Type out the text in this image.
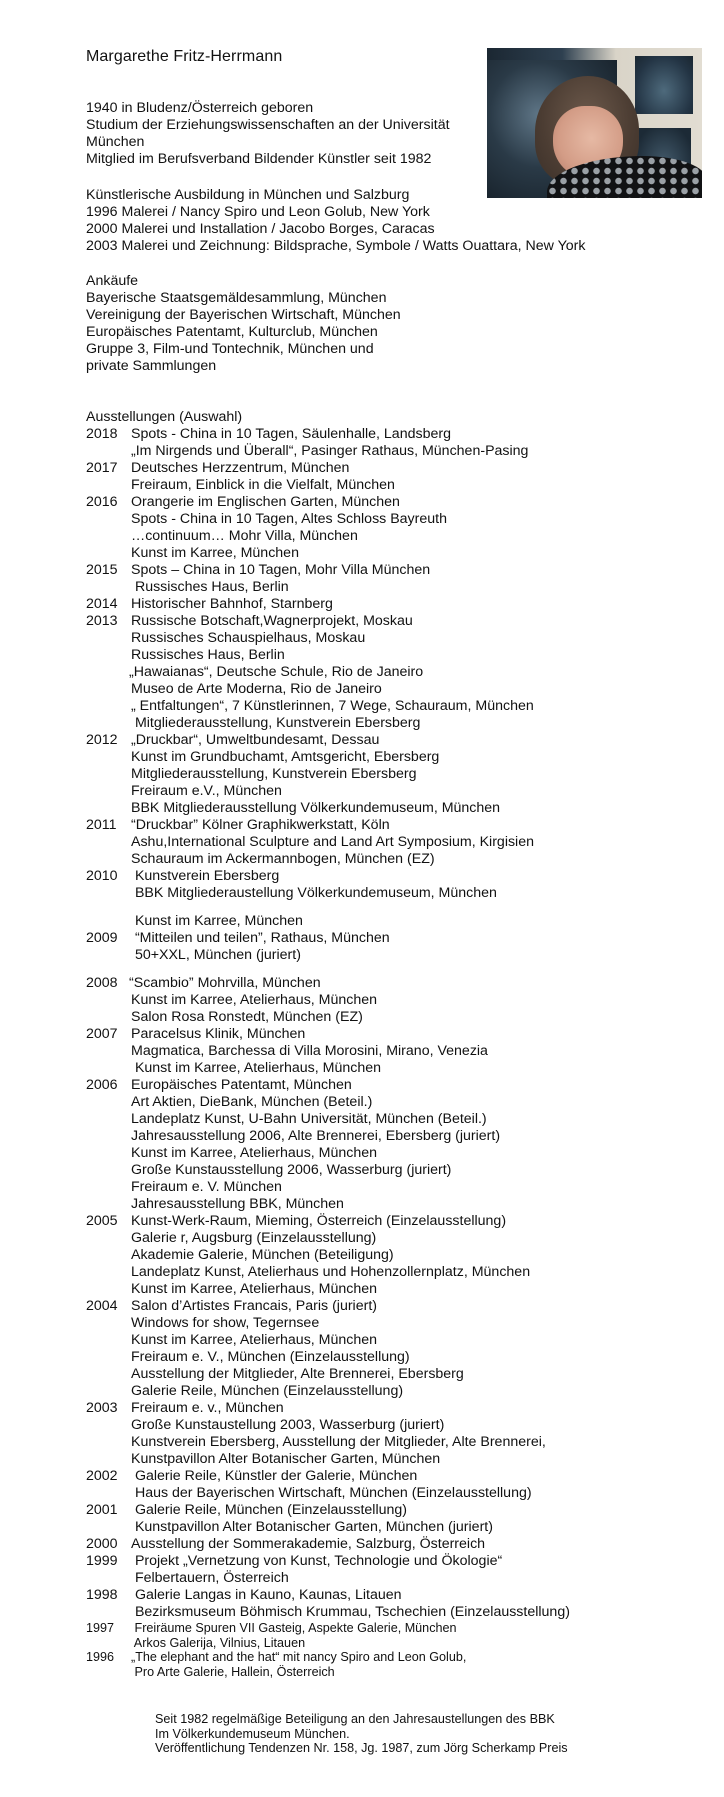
Margarethe Fritz-Herrmann
1940 in Bludenz/Österreich geboren
Studium der Erziehungswissenschaften an der Universität
München
Mitglied im Berufsverband Bildender Künstler seit 1982
Künstlerische Ausbildung in München und Salzburg
1996 Malerei / Nancy Spiro und Leon Golub, New York
2000 Malerei und Installation / Jacobo Borges, Caracas
2003 Malerei und Zeichnung: Bildsprache, Symbole / Watts Ouattara, New York
Ankäufe
Bayerische Staatsgemäldesammlung, München
Vereinigung der Bayerischen Wirtschaft, München
Europäisches Patentamt, Kulturclub, München
Gruppe 3, Film-und Tontechnik, München und
private Sammlungen
Ausstellungen (Auswahl)
2018 Spots - China in 10 Tagen, Säulenhalle, Landsberg
„Im Nirgends und Überall“, Pasinger Rathaus, München-Pasing
2017 Deutsches Herzzentrum, München
Freiraum, Einblick in die Vielfalt, München
2016 Orangerie im Englischen Garten, München
Spots - China in 10 Tagen, Altes Schloss Bayreuth
…continuum… Mohr Villa, München
Kunst im Karree, München
2015 Spots – China in 10 Tagen, Mohr Villa München
Russisches Haus, Berlin
2014 Historischer Bahnhof, Starnberg
2013 Russische Botschaft,Wagnerprojekt, Moskau
Russisches Schauspielhaus, Moskau
Russisches Haus, Berlin
„Hawaianas“, Deutsche Schule, Rio de Janeiro
Museo de Arte Moderna, Rio de Janeiro
„ Entfaltungen“, 7 Künstlerinnen, 7 Wege, Schauraum, München
Mitgliederausstellung, Kunstverein Ebersberg
2012 „Druckbar“, Umweltbundesamt, Dessau
Kunst im Grundbuchamt, Amtsgericht, Ebersberg
Mitgliederausstellung, Kunstverein Ebersberg
Freiraum e.V., München
BBK Mitgliederausstellung Völkerkundemuseum, München
2011 “Druckbar” Kölner Graphikwerkstatt, Köln
Ashu,International Sculpture and Land Art Symposium, Kirgisien
Schauraum im Ackermannbogen, München (EZ)
2010 Kunstverein Ebersberg
BBK Mitgliederaustellung Völkerkundemuseum, München
Kunst im Karree, München
2009 “Mitteilen und teilen”, Rathaus, München
50+XXL, München (juriert)
2008 “Scambio” Mohrvilla, München
Kunst im Karree, Atelierhaus, München
Salon Rosa Ronstedt, München (EZ)
2007 Paracelsus Klinik, München
Magmatica, Barchessa di Villa Morosini, Mirano, Venezia
Kunst im Karree, Atelierhaus, München
2006 Europäisches Patentamt, München
Art Aktien, DieBank, München (Beteil.)
Landeplatz Kunst, U-Bahn Universität, München (Beteil.)
Jahresausstellung 2006, Alte Brennerei, Ebersberg (juriert)
Kunst im Karree, Atelierhaus, München
Große Kunstausstellung 2006, Wasserburg (juriert)
Freiraum e. V. München
Jahresausstellung BBK, München
2005 Kunst-Werk-Raum, Mieming, Österreich (Einzelausstellung)
Galerie r, Augsburg (Einzelausstellung)
Akademie Galerie, München (Beteiligung)
Landeplatz Kunst, Atelierhaus und Hohenzollernplatz, München
Kunst im Karree, Atelierhaus, München
2004 Salon d’Artistes Francais, Paris (juriert)
Windows for show, Tegernsee
Kunst im Karree, Atelierhaus, München
Freiraum e. V., München (Einzelausstellung)
Ausstellung der Mitglieder, Alte Brennerei, Ebersberg
Galerie Reile, München (Einzelausstellung)
2003 Freiraum e. v., München
Große Kunstaustellung 2003, Wasserburg (juriert)
Kunstverein Ebersberg, Ausstellung der Mitglieder, Alte Brennerei,
Kunstpavillon Alter Botanischer Garten, München
2002 Galerie Reile, Künstler der Galerie, München
Haus der Bayerischen Wirtschaft, München (Einzelausstellung)
2001 Galerie Reile, München (Einzelausstellung)
Kunstpavillon Alter Botanischer Garten, München (juriert)
2000 Ausstellung der Sommerakademie, Salzburg, Österreich
1999 Projekt „Vernetzung von Kunst, Technologie und Ökologie“
Felbertauern, Österreich
1998 Galerie Langas in Kauno, Kaunas, Litauen
Bezirksmuseum Böhmisch Krummau, Tschechien (Einzelausstellung)
1997 Freiräume Spuren VII Gasteig, Aspekte Galerie, München
Arkos Galerija, Vilnius, Litauen
1996 „The elephant and the hat“ mit nancy Spiro and Leon Golub,
Pro Arte Galerie, Hallein, Österreich
Seit 1982 regelmäßige Beteiligung an den Jahresaustellungen des BBK
Im Völkerkundemuseum München.
Veröffentlichung Tendenzen Nr. 158, Jg. 1987, zum Jörg Scherkamp Preis
